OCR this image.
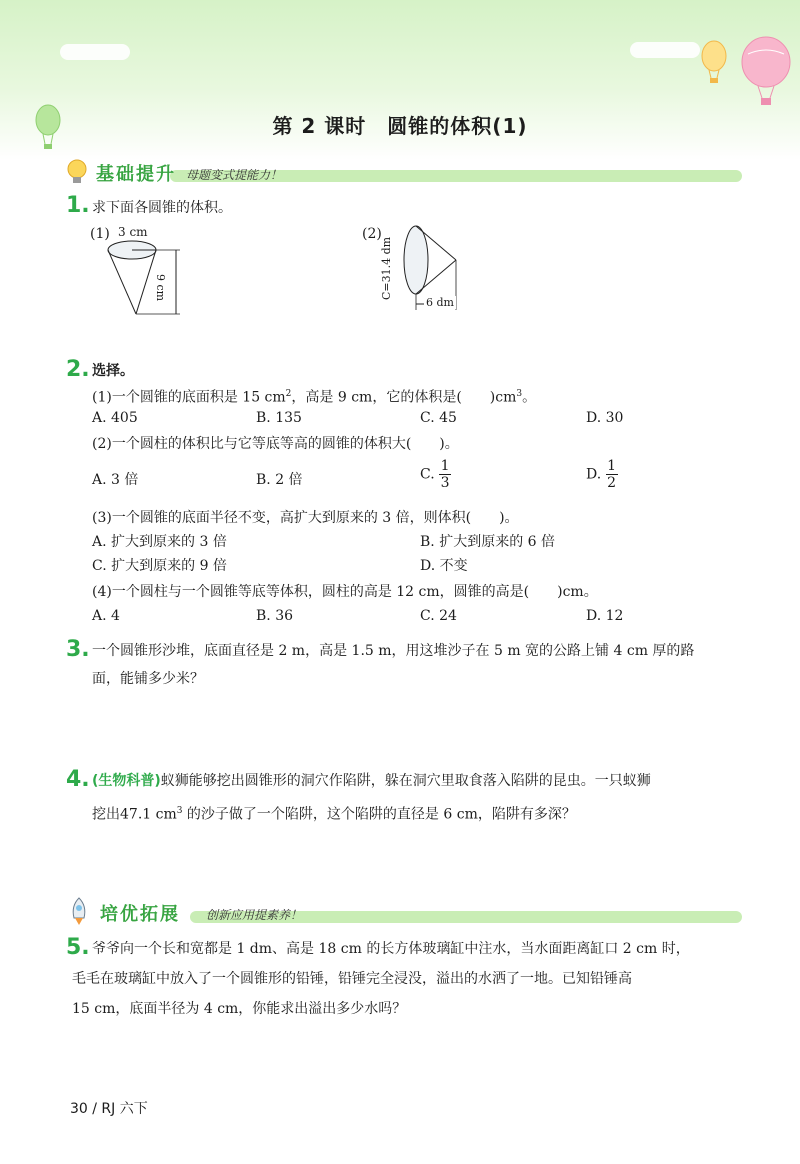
第 2 课时　圆锥的体积(1)
基础提升 母题变式提能力！
1. 求下面各圆锥的体积。
(1) 3 cm
9 cm
(2)
C=31.4 dm
6 dm
2. 选择。
(1)一个圆锥的底面积是 15 $cm^2$，高是 9 cm，它的体积是(　　)$cm^3$。
A. 405	B. 135	C. 45	D. 30
(2)一个圆柱的体积比与它等底等高的圆锥的体积大(　　)。
A. 3 倍	B. 2 倍	C. $\frac{1}{3}$	D. $\frac{1}{2}$
(3)一个圆锥的底面半径不变，高扩大到原来的 3 倍，则体积(　　)。
A. 扩大到原来的 3 倍	B. 扩大到原来的 6 倍
C. 扩大到原来的 9 倍	D. 不变
(4)一个圆柱与一个圆锥等底等体积，圆柱的高是 12 cm，圆锥的高是(　　)cm。
A. 4	B. 36	C. 24	D. 12
3. 一个圆锥形沙堆，底面直径是 2 m，高是 1.5 m，用这堆沙子在 5 m 宽的公路上铺 4 cm 厚的路
面，能铺多少米？
4. (生物科普)蚁狮能够挖出圆锥形的洞穴作陷阱，躲在洞穴里取食落入陷阱的昆虫。一只蚁狮
挖出47.1 $cm^3$ 的沙子做了一个陷阱，这个陷阱的直径是 6 cm，陷阱有多深？
培优拓展 创新应用提素养！
5. 爷爷向一个长和宽都是 1 dm、高是 18 cm 的长方体玻璃缸中注水，当水面距离缸口 2 cm 时，
毛毛在玻璃缸中放入了一个圆锥形的铅锤，铅锤完全浸没，溢出的水洒了一地。已知铅锤高
15 cm，底面半径为 4 cm，你能求出溢出多少水吗？
30 / RJ 六下
